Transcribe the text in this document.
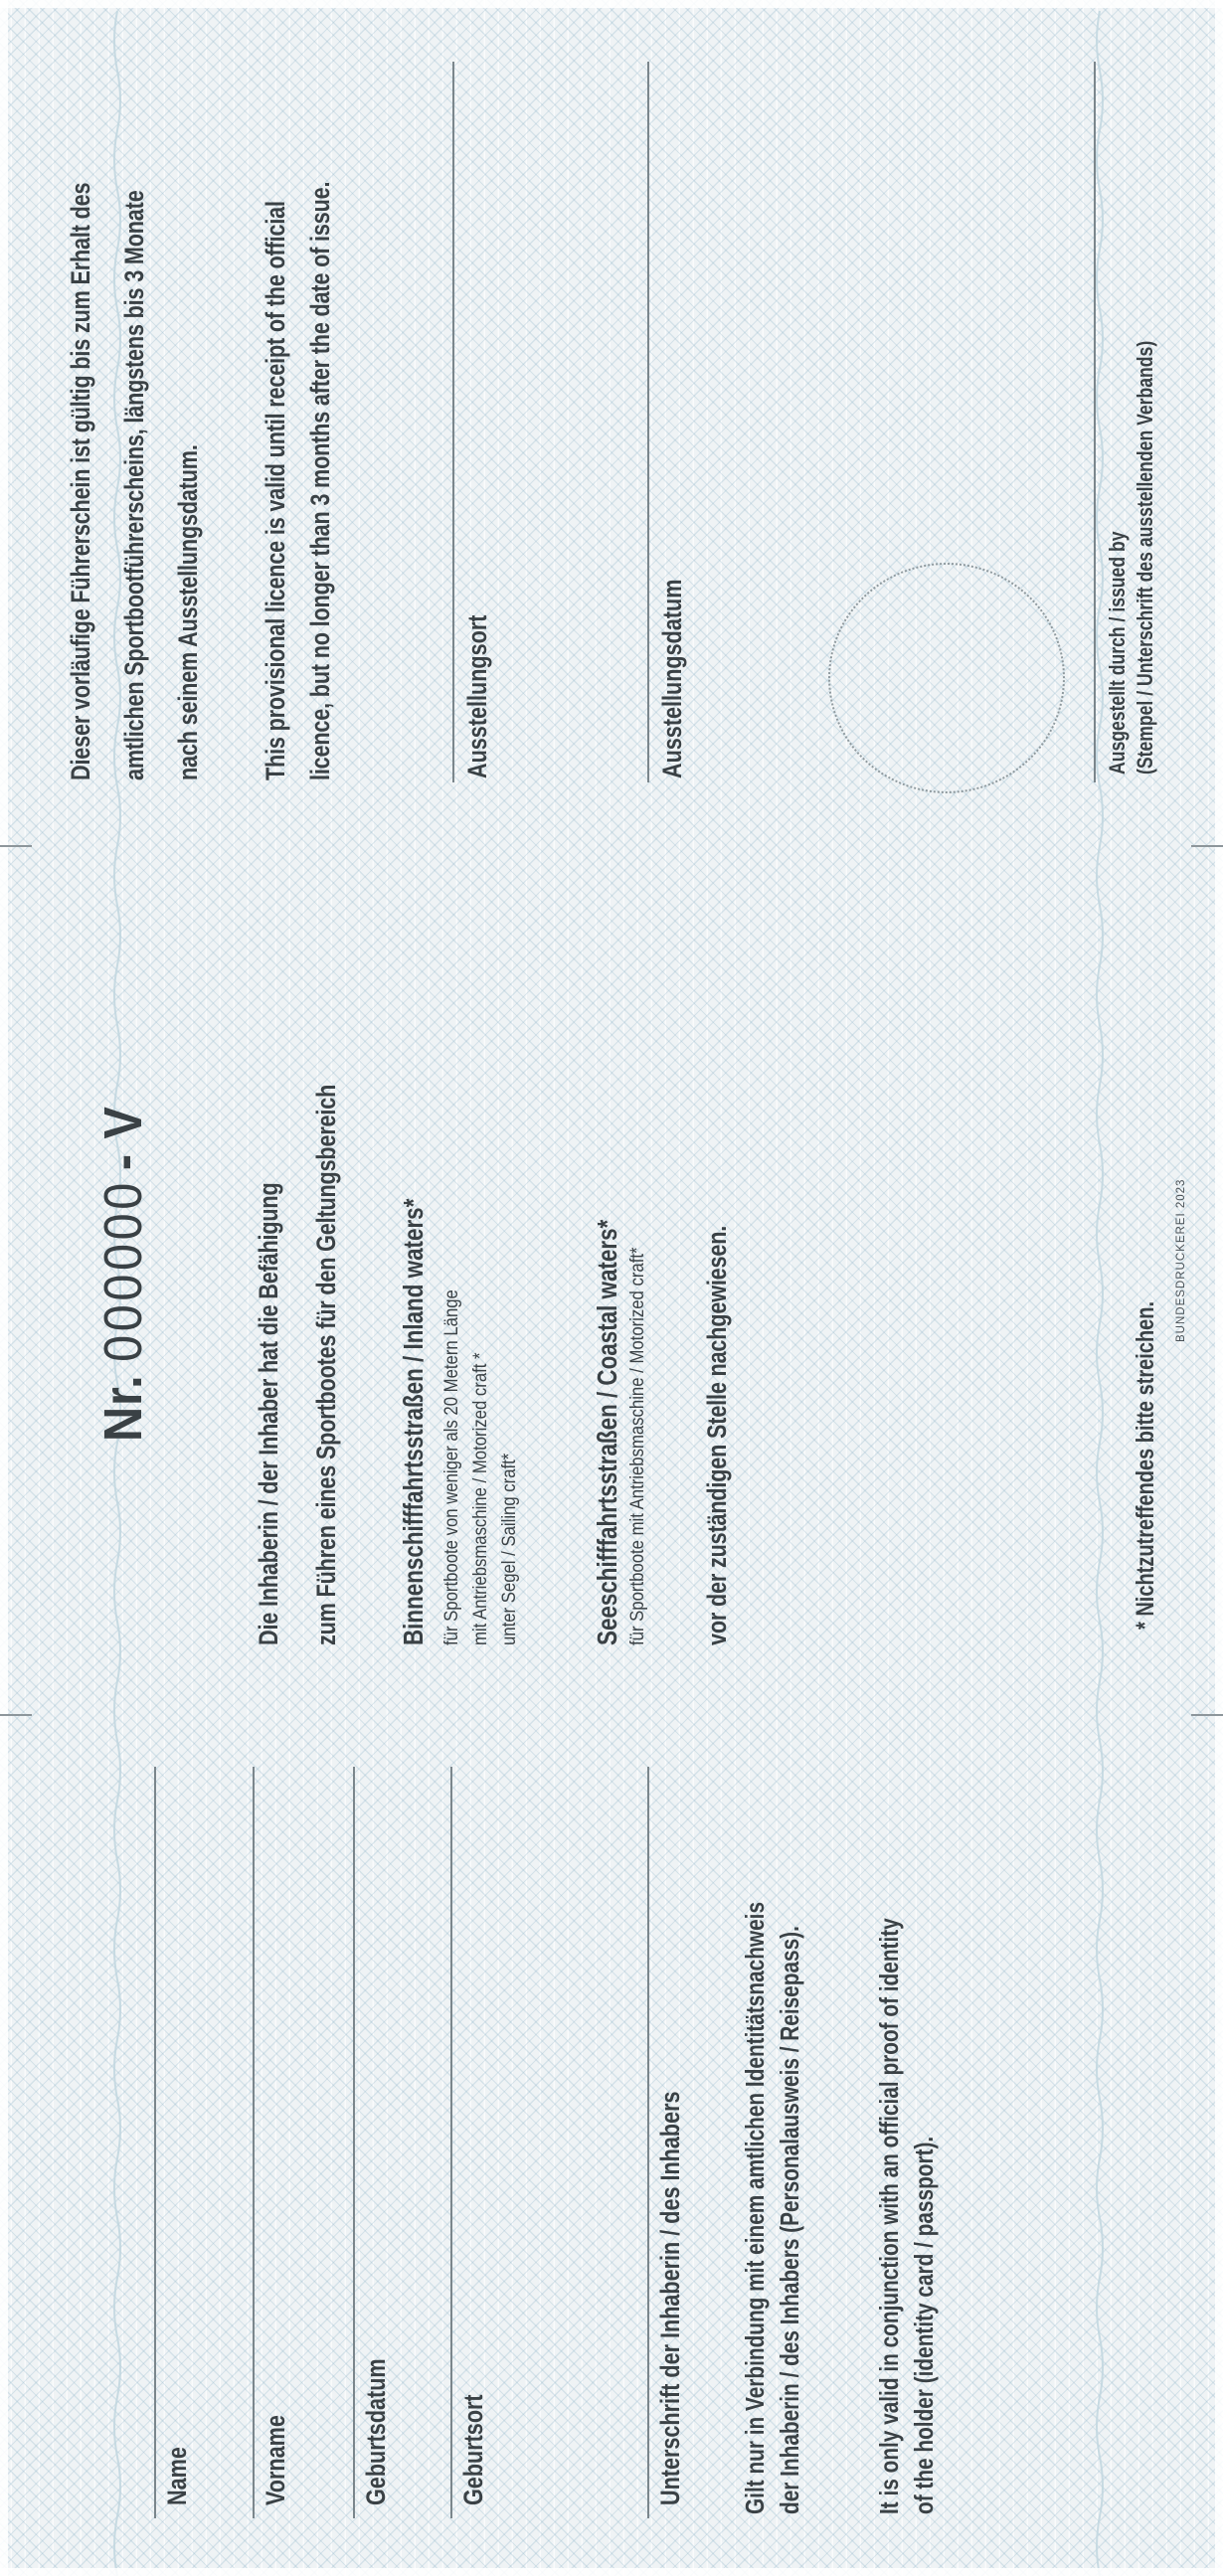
Name	Vorname	Geburtsdatum	Geburtsort	Unterschrift der Inhaberin / des Inhabers Gilt nur in Verbindung mit einem amtlichen Identitätsnachweis der Inhaberin / des Inhabers (Personalausweis / Reisepass).	It is only valid in conjunction with an official proof of identity of the holder (identity card / passport).
Nr.000000- V
Die Inhaberin / der Inhaber hat die Befähigung zum Führen eines Sportbootes für den Geltungsbereich Binnenschifffahrtsstraßen / Inland waters* für Sportboote von weniger als 20 Metern Länge mit Antriebsmaschine / Motorized craft * unter Segel / Sailing craft*	Seeschifffahrtsstraßen / Coastal waters* für Sportboote mit Antriebsmaschine / Motorized craft* vor der zuständigen Stelle nachgewiesen.	* Nichtzutreffendes bitte streichen.
BUNDESDRUCKEREI 2023
Dieser vorläufige Führerschein ist gültig bis zum Erhalt des amtlichen Sportbootführerscheins, längstens bis 3 Monate nach seinem Ausstellungsdatum.	This provisional licence is valid until receipt of the official licence, but no longer than 3 months after the date of issue.	Ausstellungsort	Ausstellungsdatum	Ausgestellt durch / issued by (Stempel / Unterschrift des ausstellenden Verbands)
